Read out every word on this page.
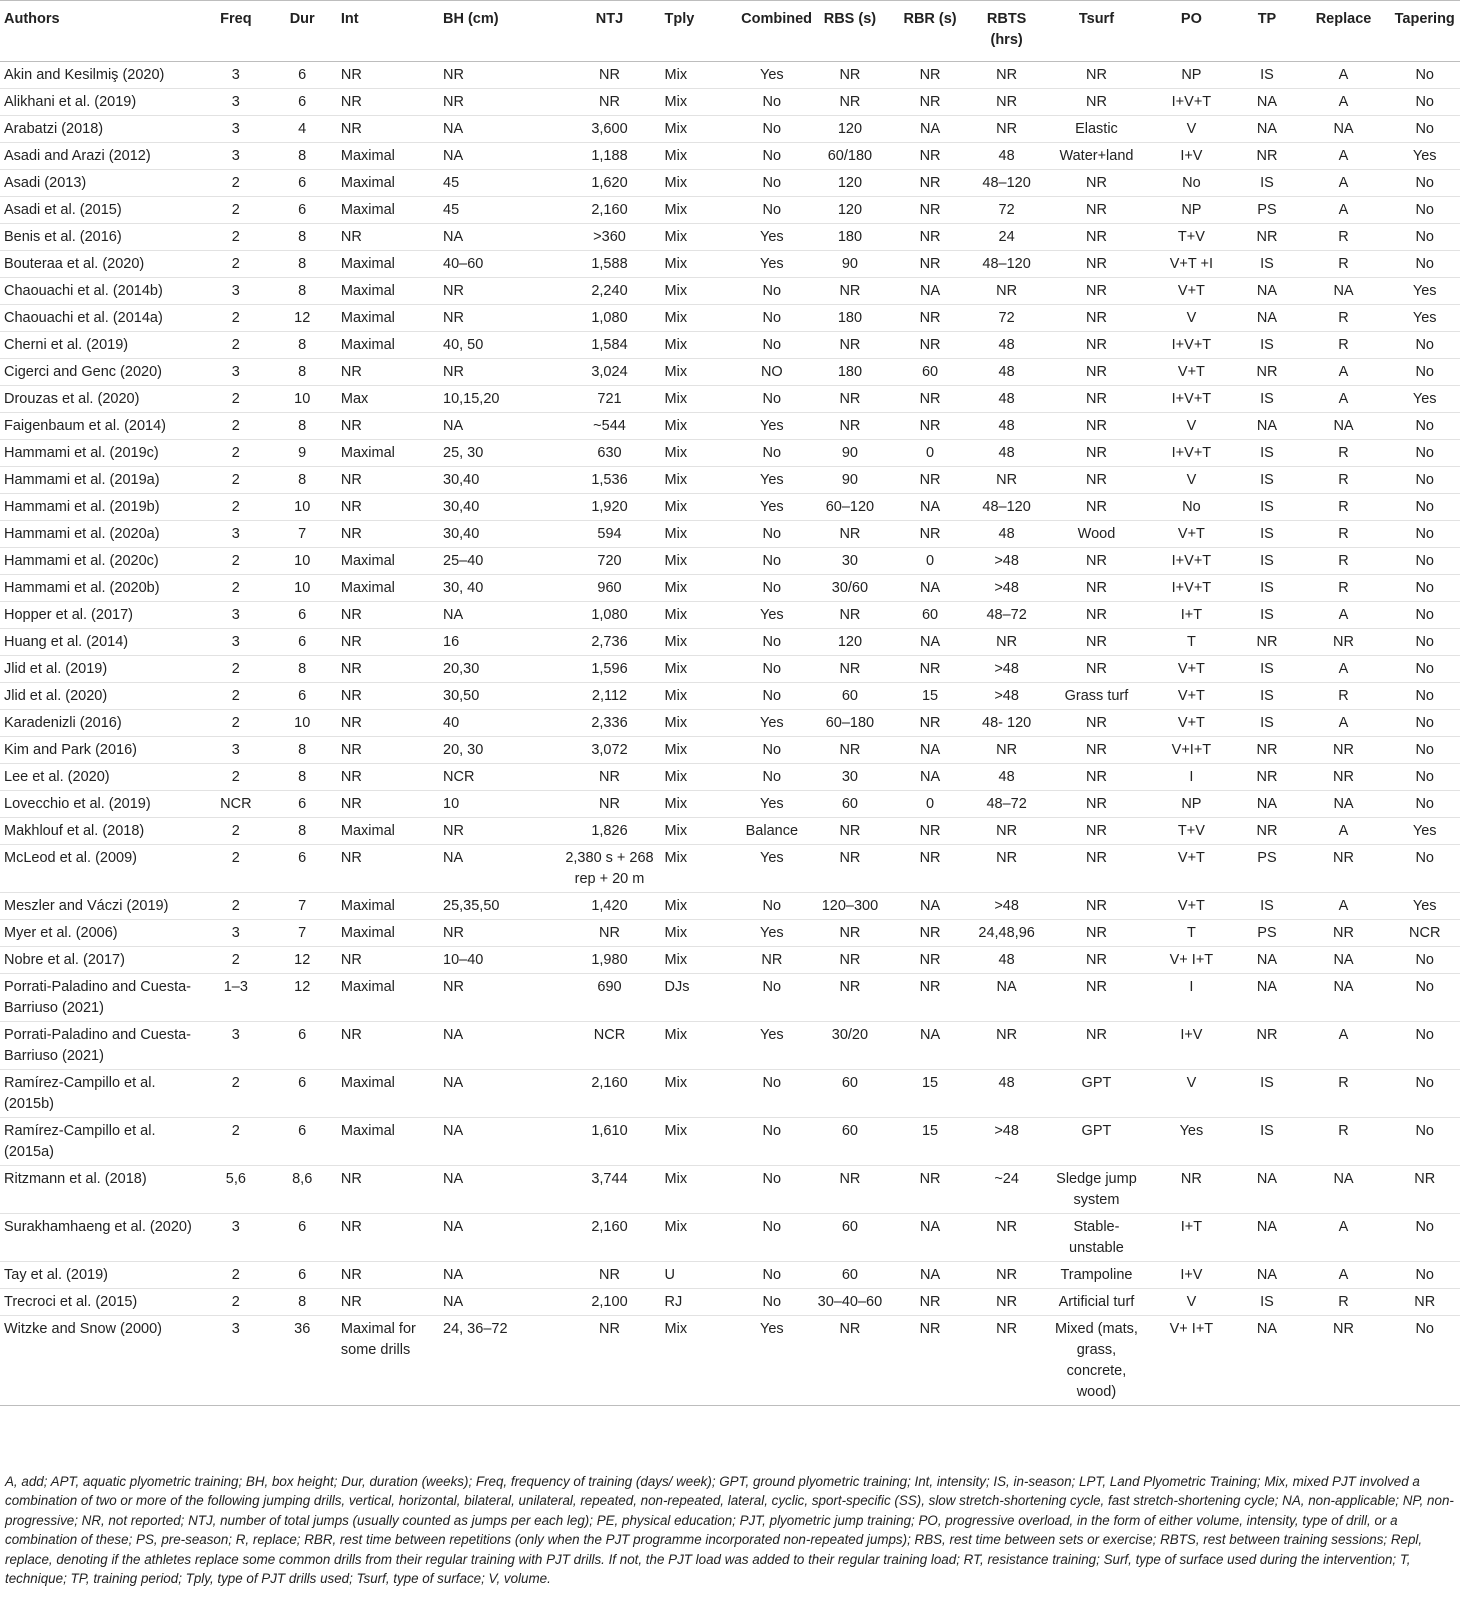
Authors	Freq	Dur	Int	BH (cm)	NTJ	Tply	Combined	RBS (s)	RBR (s)	RBTS (hrs)	Tsurf	PO	TP	Replace	Tapering
Akin and Kesilmiş (2020)	3	6	NR	NR	NR	Mix	Yes	NR	NR	NR	NR	NP	IS	A	No
Alikhani et al. (2019)	3	6	NR	NR	NR	Mix	No	NR	NR	NR	NR	I+V+T	NA	A	No
Arabatzi (2018)	3	4	NR	NA	3,600	Mix	No	120	NA	NR	Elastic	V	NA	NA	No
Asadi and Arazi (2012)	3	8	Maximal	NA	1,188	Mix	No	60/180	NR	48	Water+land	I+V	NR	A	Yes
Asadi (2013)	2	6	Maximal	45	1,620	Mix	No	120	NR	48–120	NR	No	IS	A	No
Asadi et al. (2015)	2	6	Maximal	45	2,160	Mix	No	120	NR	72	NR	NP	PS	A	No
Benis et al. (2016)	2	8	NR	NA	>360	Mix	Yes	180	NR	24	NR	T+V	NR	R	No
Bouteraa et al. (2020)	2	8	Maximal	40–60	1,588	Mix	Yes	90	NR	48–120	NR	V+T +I	IS	R	No
Chaouachi et al. (2014b)	3	8	Maximal	NR	2,240	Mix	No	NR	NA	NR	NR	V+T	NA	NA	Yes
Chaouachi et al. (2014a)	2	12	Maximal	NR	1,080	Mix	No	180	NR	72	NR	V	NA	R	Yes
Cherni et al. (2019)	2	8	Maximal	40, 50	1,584	Mix	No	NR	NR	48	NR	I+V+T	IS	R	No
Cigerci and Genc (2020)	3	8	NR	NR	3,024	Mix	NO	180	60	48	NR	V+T	NR	A	No
Drouzas et al. (2020)	2	10	Max	10,15,20	721	Mix	No	NR	NR	48	NR	I+V+T	IS	A	Yes
Faigenbaum et al. (2014)	2	8	NR	NA	~544	Mix	Yes	NR	NR	48	NR	V	NA	NA	No
Hammami et al. (2019c)	2	9	Maximal	25, 30	630	Mix	No	90	0	48	NR	I+V+T	IS	R	No
Hammami et al. (2019a)	2	8	NR	30,40	1,536	Mix	Yes	90	NR	NR	NR	V	IS	R	No
Hammami et al. (2019b)	2	10	NR	30,40	1,920	Mix	Yes	60–120	NA	48–120	NR	No	IS	R	No
Hammami et al. (2020a)	3	7	NR	30,40	594	Mix	No	NR	NR	48	Wood	V+T	IS	R	No
Hammami et al. (2020c)	2	10	Maximal	25–40	720	Mix	No	30	0	>48	NR	I+V+T	IS	R	No
Hammami et al. (2020b)	2	10	Maximal	30, 40	960	Mix	No	30/60	NA	>48	NR	I+V+T	IS	R	No
Hopper et al. (2017)	3	6	NR	NA	1,080	Mix	Yes	NR	60	48–72	NR	I+T	IS	A	No
Huang et al. (2014)	3	6	NR	16	2,736	Mix	No	120	NA	NR	NR	T	NR	NR	No
Jlid et al. (2019)	2	8	NR	20,30	1,596	Mix	No	NR	NR	>48	NR	V+T	IS	A	No
Jlid et al. (2020)	2	6	NR	30,50	2,112	Mix	No	60	15	>48	Grass turf	V+T	IS	R	No
Karadenizli (2016)	2	10	NR	40	2,336	Mix	Yes	60–180	NR	48- 120	NR	V+T	IS	A	No
Kim and Park (2016)	3	8	NR	20, 30	3,072	Mix	No	NR	NA	NR	NR	V+I+T	NR	NR	No
Lee et al. (2020)	2	8	NR	NCR	NR	Mix	No	30	NA	48	NR	I	NR	NR	No
Lovecchio et al. (2019)	NCR	6	NR	10	NR	Mix	Yes	60	0	48–72	NR	NP	NA	NA	No
Makhlouf et al. (2018)	2	8	Maximal	NR	1,826	Mix	Balance	NR	NR	NR	NR	T+V	NR	A	Yes
McLeod et al. (2009)	2	6	NR	NA	2,380 s + 268 rep + 20 m	Mix	Yes	NR	NR	NR	NR	V+T	PS	NR	No
Meszler and Váczi (2019)	2	7	Maximal	25,35,50	1,420	Mix	No	120–300	NA	>48	NR	V+T	IS	A	Yes
Myer et al. (2006)	3	7	Maximal	NR	NR	Mix	Yes	NR	NR	24,48,96	NR	T	PS	NR	NCR
Nobre et al. (2017)	2	12	NR	10–40	1,980	Mix	NR	NR	NR	48	NR	V+ I+T	NA	NA	No
Porrati-Paladino and Cuesta-Barriuso (2021)	1–3	12	Maximal	NR	690	DJs	No	NR	NR	NA	NR	I	NA	NA	No
Porrati-Paladino and Cuesta-Barriuso (2021)	3	6	NR	NA	NCR	Mix	Yes	30/20	NA	NR	NR	I+V	NR	A	No
Ramírez-Campillo et al. (2015b)	2	6	Maximal	NA	2,160	Mix	No	60	15	48	GPT	V	IS	R	No
Ramírez-Campillo et al. (2015a)	2	6	Maximal	NA	1,610	Mix	No	60	15	>48	GPT	Yes	IS	R	No
Ritzmann et al. (2018)	5,6	8,6	NR	NA	3,744	Mix	No	NR	NR	~24	Sledge jump system	NR	NA	NA	NR
Surakhamhaeng et al. (2020)	3	6	NR	NA	2,160	Mix	No	60	NA	NR	Stable-unstable	I+T	NA	A	No
Tay et al. (2019)	2	6	NR	NA	NR	U	No	60	NA	NR	Trampoline	I+V	NA	A	No
Trecroci et al. (2015)	2	8	NR	NA	2,100	RJ	No	30–40–60	NR	NR	Artificial turf	V	IS	R	NR
Witzke and Snow (2000)	3	36	Maximal for some drills	24, 36–72	NR	Mix	Yes	NR	NR	NR	Mixed (mats, grass, concrete, wood)	V+ I+T	NA	NR	No

A, add; APT, aquatic plyometric training; BH, box height; Dur, duration (weeks); Freq, frequency of training (days/ week); GPT, ground plyometric training; Int, intensity; IS, in-season; LPT, Land Plyometric Training; Mix, mixed PJT involved a combination of two or more of the following jumping drills, vertical, horizontal, bilateral, unilateral, repeated, non-repeated, lateral, cyclic, sport-specific (SS), slow stretch-shortening cycle, fast stretch-shortening cycle; NA, non-applicable; NP, non-progressive; NR, not reported; NTJ, number of total jumps (usually counted as jumps per each leg); PE, physical education; PJT, plyometric jump training; PO, progressive overload, in the form of either volume, intensity, type of drill, or a combination of these; PS, pre-season; R, replace; RBR, rest time between repetitions (only when the PJT programme incorporated non-repeated jumps); RBS, rest time between sets or exercise; RBTS, rest between training sessions; Repl, replace, denoting if the athletes replace some common drills from their regular training with PJT drills. If not, the PJT load was added to their regular training load; RT, resistance training; Surf, type of surface used during the intervention; T, technique; TP, training period; Tply, type of PJT drills used; Tsurf, type of surface; V, volume.
